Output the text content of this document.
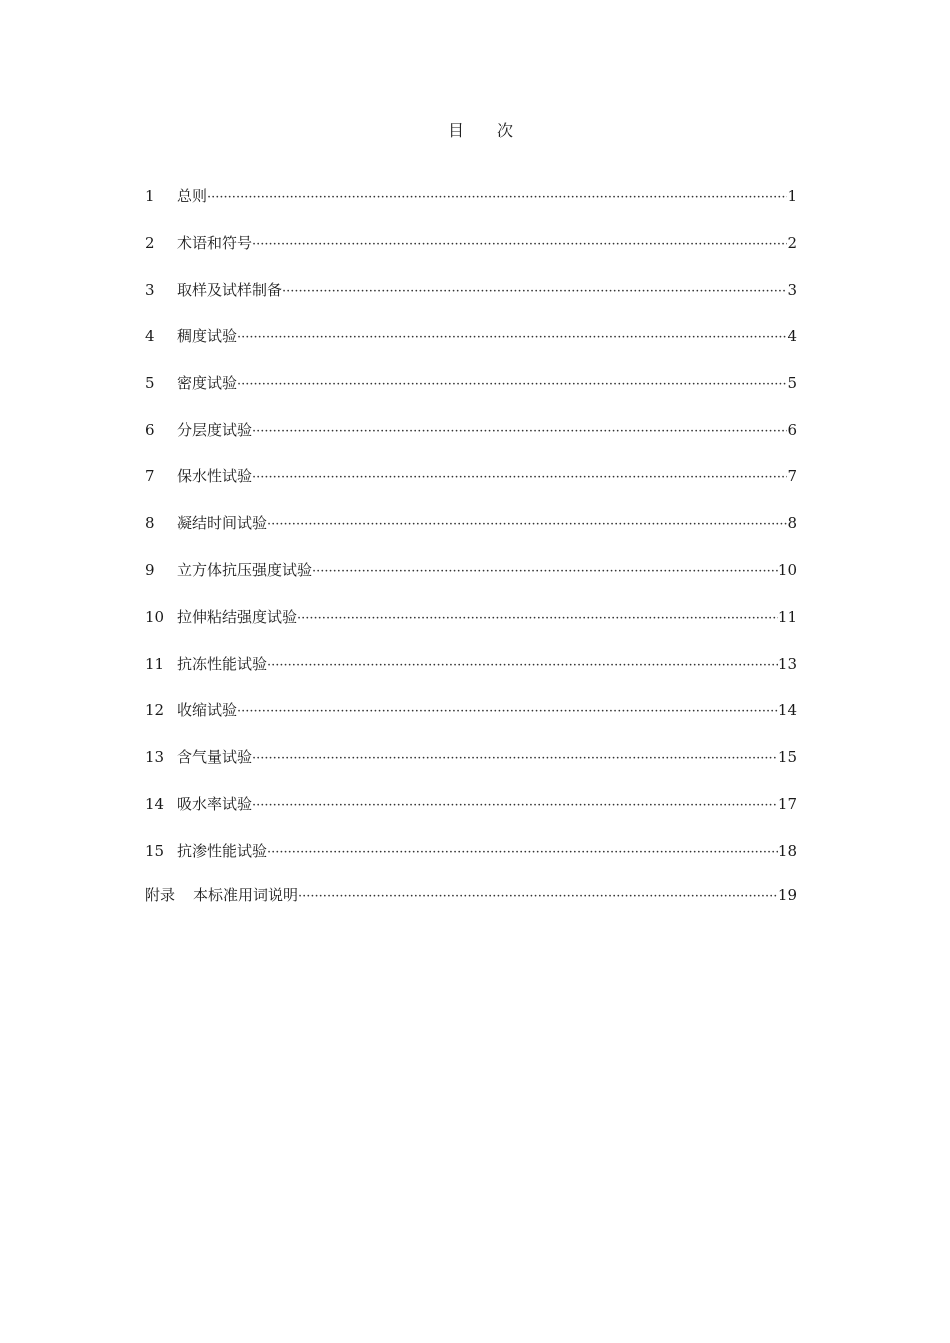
目 次
1	总则 ·····	1
2	术语和符号 ·····	2
3	取样及试样制备 ·····	3
4	稠度试验 ·····	4
5	密度试验 ·····	5
6	分层度试验 ·····	6
7	保水性试验 ·····	7
8	凝结时间试验 ·····	8
9	立方体抗压强度试验 ·····	10
10 拉伸粘结强度试验 ·····	11
11 抗冻性能试验 ·····	13
12 收缩试验 ·····	14
13 含气量试验 ·····	15
14 吸水率试验 ·····	17
15 抗渗性能试验 ·····	18
附录	本标准用词说明 ·····	19
